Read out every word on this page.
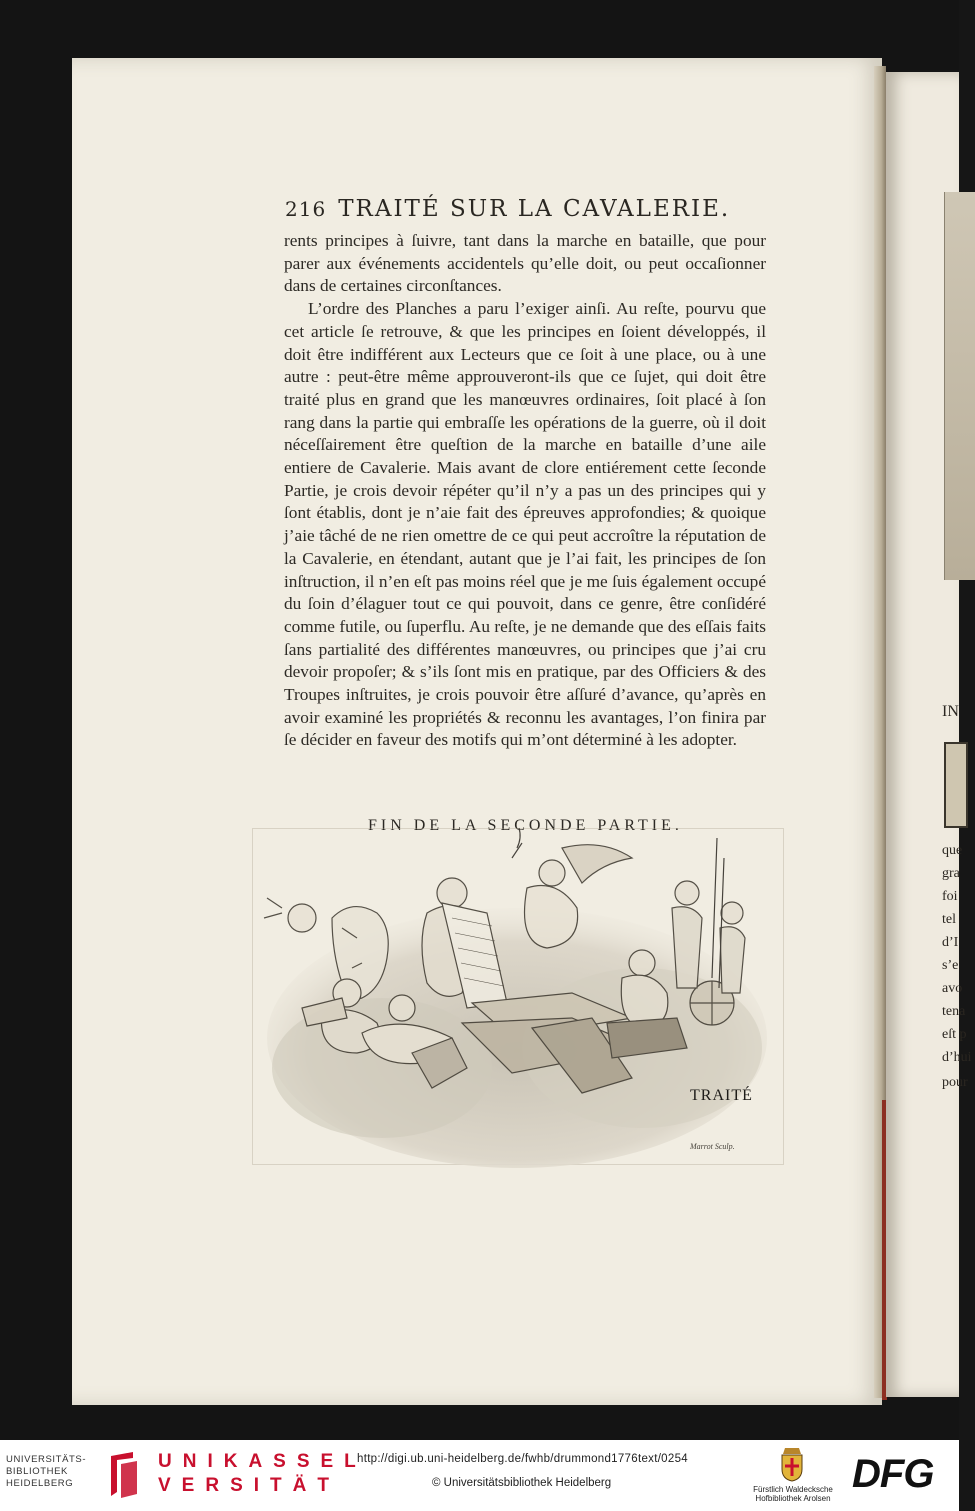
216 TRAITÉ SUR LA CAVALERIE.

rents principes à ſuivre, tant dans la marche en bataille, que pour parer aux événements accidentels qu’elle doit, ou peut occaſionner dans de certaines circonſtances.

L’ordre des Planches a paru l’exiger ainſi. Au reſte, pourvu que cet article ſe retrouve, & que les principes en ſoient développés, il doit être indifférent aux Lecteurs que ce ſoit à une place, ou à une autre : peut-être même approuveront-ils que ce ſujet, qui doit être traité plus en grand que les manœuvres ordinaires, ſoit placé à ſon rang dans la partie qui embraſſe les opérations de la guerre, où il doit néceſſairement être queſtion de la marche en bataille d’une aile entiere de Cavalerie. Mais avant de clore entiérement cette ſeconde Partie, je crois devoir répéter qu’il n’y a pas un des principes qui y ſont établis, dont je n’aie fait des épreuves approfondies; & quoique j’aie tâché de ne rien omettre de ce qui peut accroître la réputation de la Cavalerie, en étendant, autant que je l’ai fait, les principes de ſon inſtruction, il n’en eſt pas moins réel que je me ſuis également occupé du ſoin d’élaguer tout ce qui pouvoit, dans ce genre, être conſidéré comme futile, ou ſuperflu. Au reſte, je ne demande que des eſſais faits ſans partialité des différentes manœuvres, ou principes que j’ai cru devoir propoſer; & s’ils ſont mis en pratique, par des Officiers & des Troupes inſtruites, je crois pouvoir être aſſuré d’avance, qu’après en avoir examiné les propriétés & reconnu les avantages, l’on finira par ſe décider en faveur des motifs qui m’ont déterminé à les adopter.

FIN DE LA SECONDE PARTIE.
TRAITÉ
Marrot Sculp.
IN
que
gra
foi
tel
d’I
s’e
avo
tena
eſt p
d’hui
pour
UNIVERSITÄTS-
BIBLIOTHEK
HEIDELBERG
UNIKASSEL
VERSITÄT
http://digi.ub.uni-heidelberg.de/fwhb/drummond1776text/0254
© Universitätsbibliothek Heidelberg
Fürstlich Waldecksche
Hofbibliothek Arolsen
DFG
